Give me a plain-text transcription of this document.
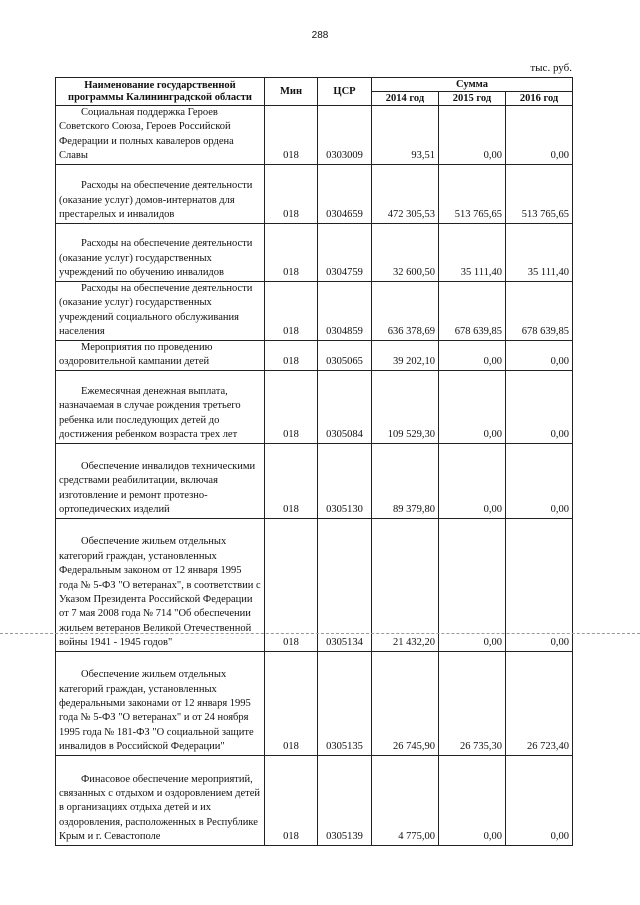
288
тыс. руб.
Наименование государственной программы Калининградской области	Мин	ЦСР	Сумма		
			2014 год	2015 год	2016 год

Социальная поддержка Героев Советского Союза, Героев Российской Федерации и полных кавалеров ордена Славы	018	0303009	93,51	0,00	0,00

Расходы на обеспечение деятельности (оказание услуг) домов-интернатов для престарелых и инвалидов	018	0304659	472 305,53	513 765,65	513 765,65

Расходы на обеспечение деятельности (оказание услуг) государственных учреждений по обучению инвалидов	018	0304759	32 600,50	35 111,40	35 111,40

Расходы на обеспечение деятельности (оказание услуг) государственных учреждений социального обслуживания населения	018	0304859	636 378,69	678 639,85	678 639,85

Мероприятия по проведению оздоровительной кампании детей	018	0305065	39 202,10	0,00	0,00

Ежемесячная денежная выплата, назначаемая в случае рождения третьего ребенка или последующих детей до достижения ребенком возраста трех лет	018	0305084	109 529,30	0,00	0,00

Обеспечение инвалидов техническими средствами реабилитации, включая изготовление и ремонт протезно-ортопедических изделий	018	0305130	89 379,80	0,00	0,00

Обеспечение жильем отдельных категорий граждан, установленных Федеральным законом от 12 января 1995 года № 5-ФЗ "О ветеранах", в соответствии с Указом Президента Российской Федерации от 7 мая 2008 года № 714 "Об обеспечении жильем ветеранов Великой Отечественной войны 1941 - 1945 годов"	018	0305134	21 432,20	0,00	0,00

Обеспечение жильем отдельных категорий граждан, установленных федеральными законами от 12 января 1995 года № 5-ФЗ "О ветеранах" и от 24 ноября 1995 года № 181-ФЗ "О социальной защите инвалидов в Российской Федерации"	018	0305135	26 745,90	26 735,30	26 723,40

Финасовое обеспечение мероприятий, связанных с отдыхом и оздоровлением детей в организациях отдыха детей и их оздоровления, расположенных в Республике Крым и г. Севастополе	018	0305139	4 775,00	0,00	0,00
